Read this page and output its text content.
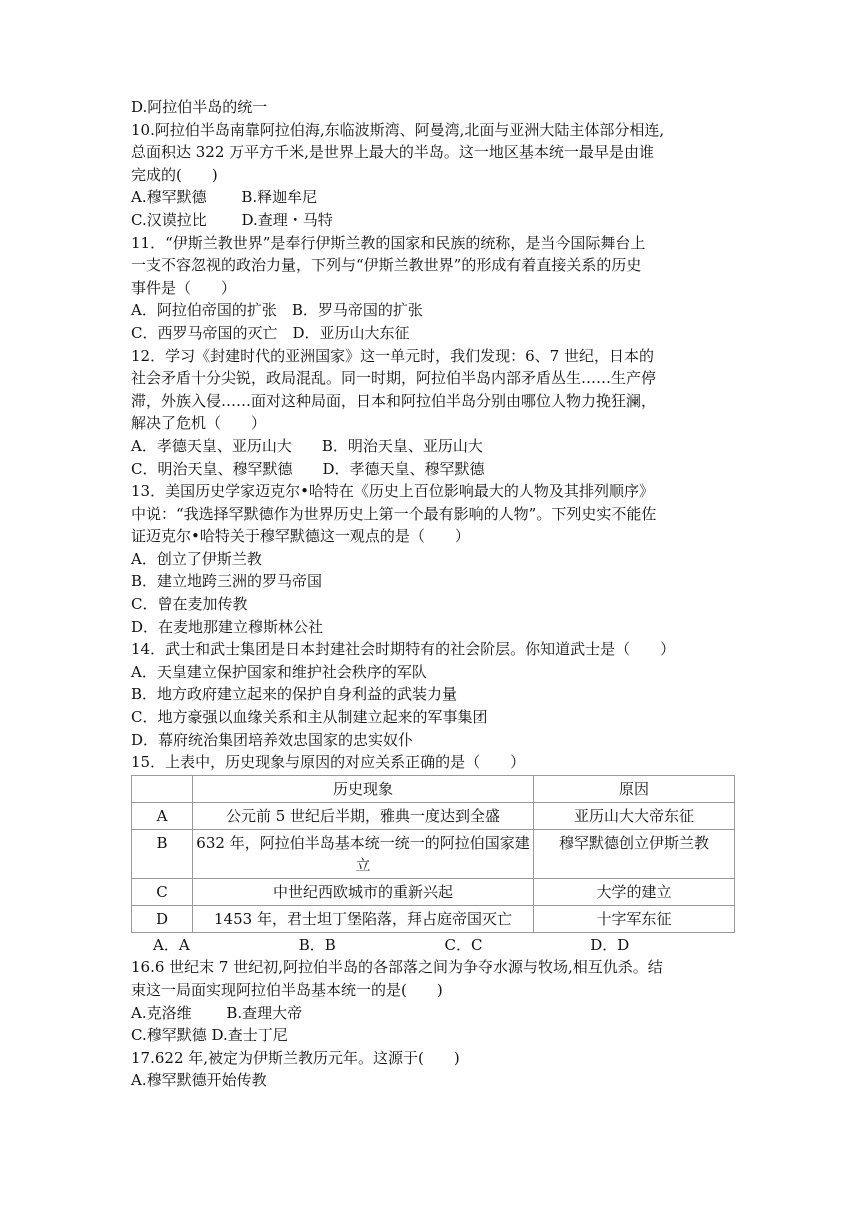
D.阿拉伯半岛的统一

10.阿拉伯半岛南靠阿拉伯海,东临波斯湾、阿曼湾,北面与亚洲大陆主体部分相连,

总面积达 322 万平方千米,是世界上最大的半岛。这一地区基本统一最早是由谁

完成的(　　)

A.穆罕默德　　 B.释迦牟尼

C.汉谟拉比　　 D.查理・马特

11．“伊斯兰教世界”是奉行伊斯兰教的国家和民族的统称，是当今国际舞台上

一支不容忽视的政治力量，下列与“伊斯兰教世界”的形成有着直接关系的历史

事件是（　　）

A．阿拉伯帝国的扩张　B．罗马帝国的扩张

C．西罗马帝国的灭亡　D．亚历山大东征

12．学习《封建时代的亚洲国家》这一单元时，我们发现：6、7 世纪，日本的

社会矛盾十分尖锐，政局混乱。同一时期，阿拉伯半岛内部矛盾丛生……生产停

滞，外族入侵……面对这种局面，日本和阿拉伯半岛分别由哪位人物力挽狂澜，

解决了危机（　　）

A．孝德天皇、亚历山大　　B．明治天皇、亚历山大

C．明治天皇、穆罕默德　　D．孝德天皇、穆罕默德

13．美国历史学家迈克尔•哈特在《历史上百位影响最大的人物及其排列顺序》

中说：“我选择罕默德作为世界历史上第一个最有影响的人物”。下列史实不能佐

证迈克尔•哈特关于穆罕默德这一观点的是（　　）

A．创立了伊斯兰教

B．建立地跨三洲的罗马帝国

C．曾在麦加传教

D．在麦地那建立穆斯林公社

14．武士和武士集团是日本封建社会时期特有的社会阶层。你知道武士是（　　）

A．天皇建立保护国家和维护社会秩序的军队

B．地方政府建立起来的保护自身利益的武装力量

C．地方豪强以血缘关系和主从制建立起来的军事集团

D．幕府统治集团培养效忠国家的忠实奴仆

15．上表中，历史现象与原因的对应关系正确的是（　　）

	历史现象	原因
A	公元前 5 世纪后半期，雅典一度达到全盛	亚历山大大帝东征
B	632 年，阿拉伯半岛基本统一统一的阿拉伯国家建立	穆罕默德创立伊斯兰教
C	中世纪西欧城市的重新兴起	大学的建立
D	1453 年，君士坦丁堡陷落，拜占庭帝国灭亡	十字军东征
A．A	B．B	C．C	D．D

16.6 世纪末 7 世纪初,阿拉伯半岛的各部落之间为争夺水源与牧场,相互仇杀。结

束这一局面实现阿拉伯半岛基本统一的是(　　)

A.克洛维　　 B.查理大帝

C.穆罕默德 D.查士丁尼

17.622 年,被定为伊斯兰教历元年。这源于(　　)

A.穆罕默德开始传教
